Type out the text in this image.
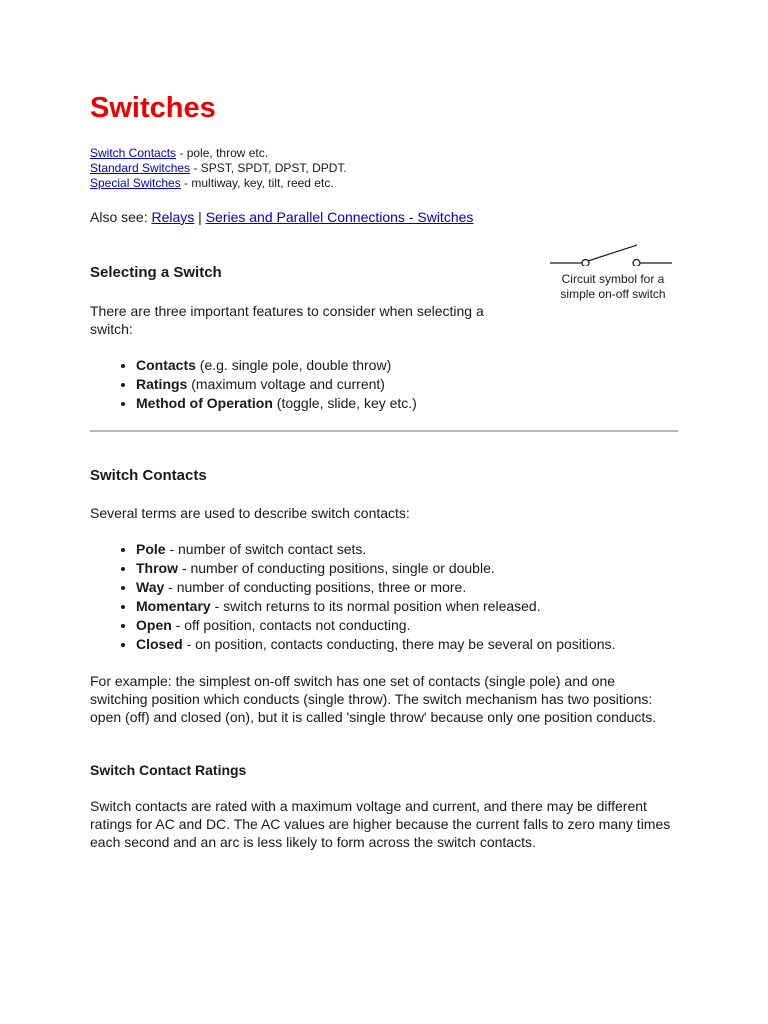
Switches
Switch Contacts - pole, throw etc.
Standard Switches - SPST, SPDT, DPST, DPDT.
Special Switches - multiway, key, tilt, reed etc.
Also see: Relays | Series and Parallel Connections - Switches
Selecting a Switch

There are three important features to consider when selecting a switch:

• Contacts (e.g. single pole, double throw)
• Ratings (maximum voltage and current)
• Method of Operation (toggle, slide, key etc.)
Circuit symbol for a
simple on-off switch
Switch Contacts

Several terms are used to describe switch contacts:

• Pole - number of switch contact sets.
• Throw - number of conducting positions, single or double.
• Way - number of conducting positions, three or more.
• Momentary - switch returns to its normal position when released.
• Open - off position, contacts not conducting.
• Closed - on position, contacts conducting, there may be several on positions.

For example: the simplest on-off switch has one set of contacts (single pole) and one switching position which conducts (single throw). The switch mechanism has two positions: open (off) and closed (on), but it is called 'single throw' because only one position conducts.

Switch Contact Ratings

Switch contacts are rated with a maximum voltage and current, and there may be different ratings for AC and DC. The AC values are higher because the current falls to zero many times each second and an arc is less likely to form across the switch contacts.
